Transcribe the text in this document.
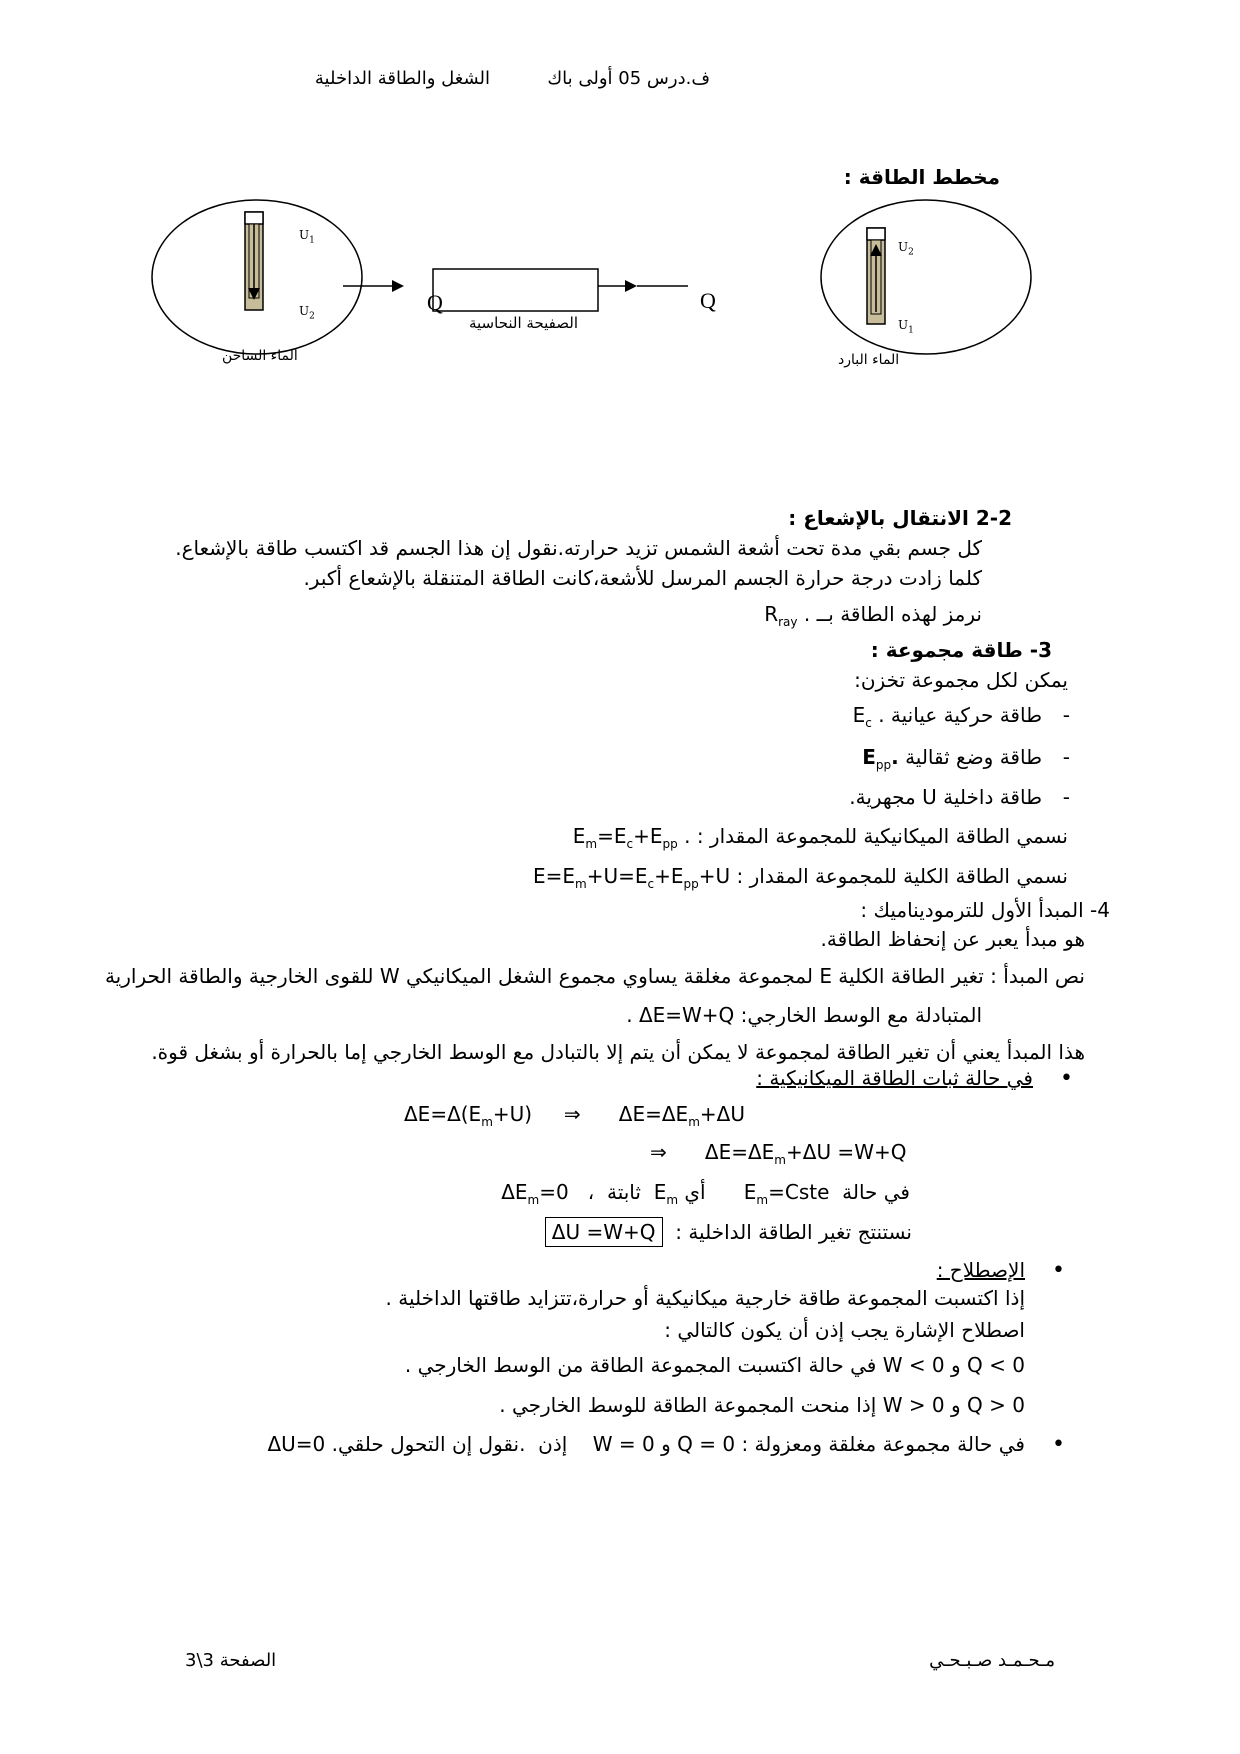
الشغل والطاقة الداخلية	ف.درس 05 أولى باك
مخطط الطاقة :
$U_1$
$U_2$
$U_2$
$U_1$
Q	Q
الصفيحة النحاسية
الماء الساخن	الماء البارد
2-2 الانتقال بالإشعاع :
كل جسم بقي مدة تحت أشعة الشمس تزيد حرارته.نقول إن هذا الجسم قد اكتسب طاقة بالإشعاع.
كلما زادت درجة حرارة الجسم المرسل للأشعة،كانت الطاقة المتنقلة بالإشعاع أكبر.
نرمز لهذه الطاقة بــ $R_{ray}$ .
3- طاقة مجموعة :
يمكن لكل مجموعة تخزن:
- طاقة حركية عيانية $E_c$ .
- طاقة وضع ثقالية $E_{pp}$.
- طاقة داخلية U مجهرية.
نسمي الطاقة الميكانيكية للمجموعة المقدار : $E_m=E_c+E_{pp}$ .
نسمي الطاقة الكلية للمجموعة المقدار : $E=E_m+U=E_c+E_{pp}+U$
4- المبدأ الأول للترموديناميك :
هو مبدأ يعبر عن إنحفاظ الطاقة.
نص المبدأ : تغير الطاقة الكلية E لمجموعة مغلقة يساوي مجموع الشغل الميكانيكي W للقوى الخارجية والطاقة الحرارية
المتبادلة مع الوسط الخارجي: ΔE=W+Q .
هذا المبدأ يعني أن تغير الطاقة لمجموعة لا يمكن أن يتم إلا بالتبادل مع الوسط الخارجي إما بالحرارة أو بشغل قوة.
• في حالة ثبات الطاقة الميكانيكية :
$\Delta E=\Delta(E_m+U)$     ⇒      $\Delta E=\Delta E_m+\Delta U$
⇒      $\Delta E=\Delta E_m+\Delta U =W+Q$
في حالة  $E_m=Cste$      أي $E_m$  ثابتة  ،   $\Delta E_m=0$
نستنتج تغير الطاقة الداخلية :  ΔU =W+Q
• الإصطلاح :
إذا اكتسبت المجموعة طاقة خارجية ميكانيكية أو حرارة،تتزايد طاقتها الداخلية .
اصطلاح الإشارة يجب إذن أن يكون كالتالي :
W < 0 و Q < 0 في حالة اكتسبت المجموعة الطاقة من الوسط الخارجي .
W > 0 و Q > 0 إذا منحت المجموعة الطاقة للوسط الخارجي .
• في حالة مجموعة مغلقة ومعزولة : W = 0 و Q = 0    إذن  ΔU=0 .نقول إن التحول حلقي.
مـحـمـد صـبـحـي
الصفحة 3\3
